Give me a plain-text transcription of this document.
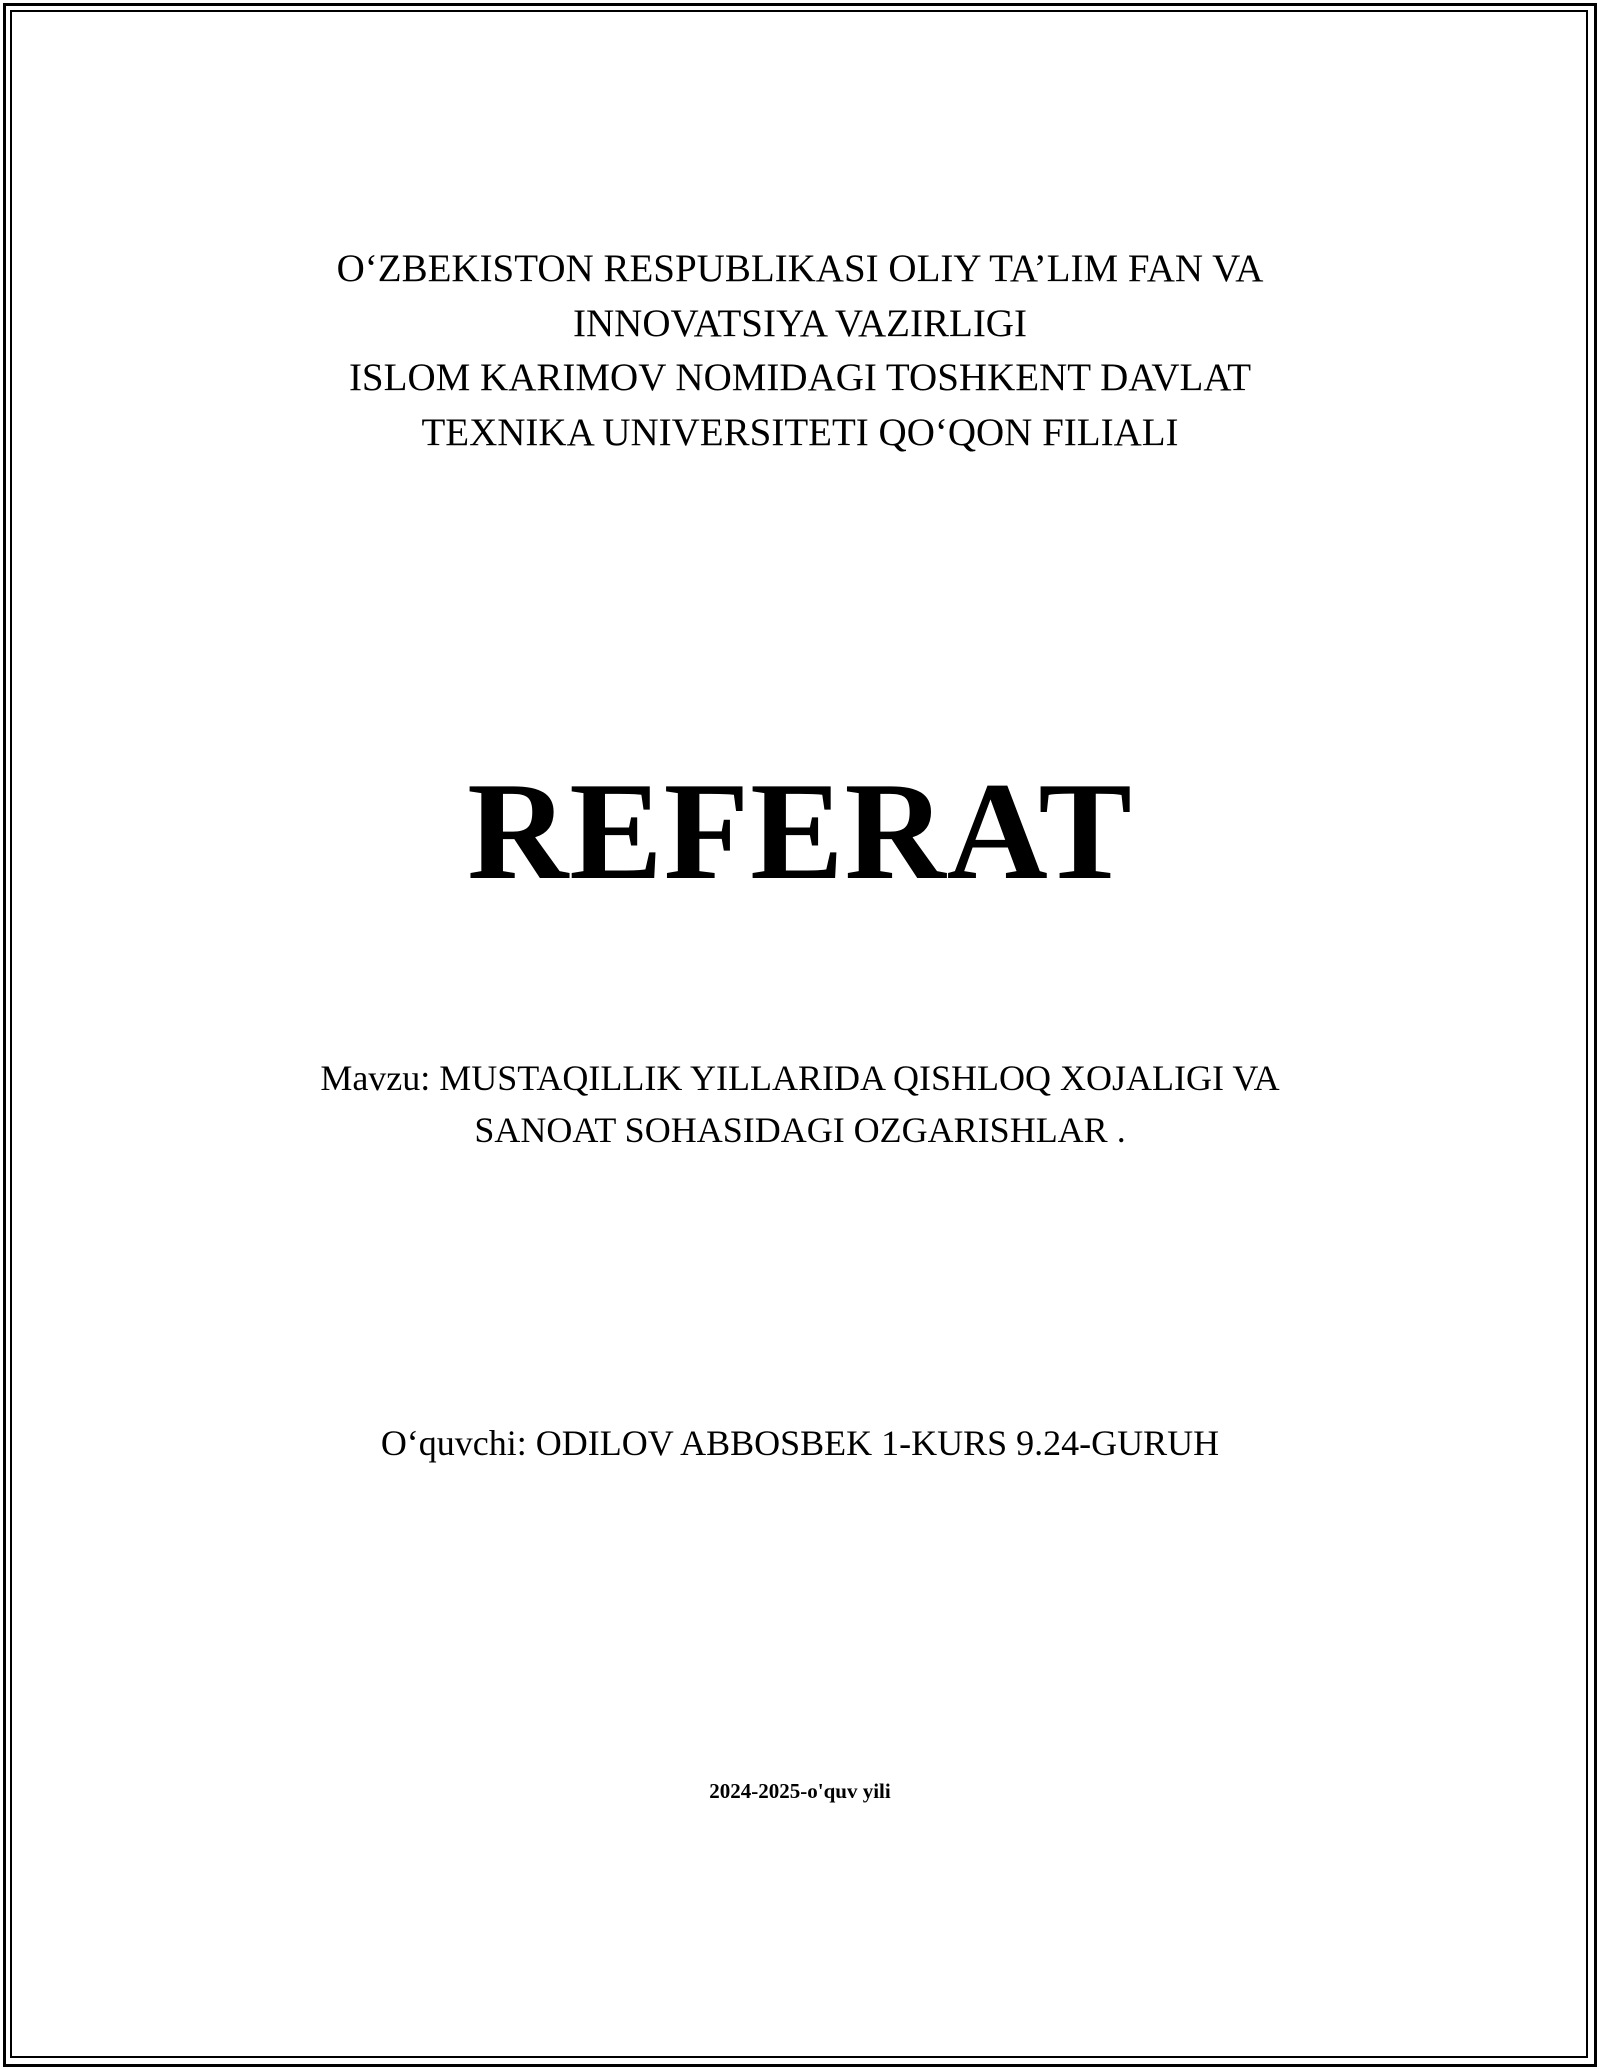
O‘ZBEKISTON RESPUBLIKASI OLIY TA’LIM FAN VA
INNOVATSIYA VAZIRLIGI
ISLOM KARIMOV NOMIDAGI TOSHKENT DAVLAT
TEXNIKA UNIVERSITETI QO‘QON FILIALI
REFERAT
Mavzu: MUSTAQILLIK YILLARIDA QISHLOQ XOJALIGI VA
SANOAT SOHASIDAGI OZGARISHLAR .
O‘quvchi: ODILOV ABBOSBEK 1-KURS 9.24-GURUH
2024-2025-o'quv yili
